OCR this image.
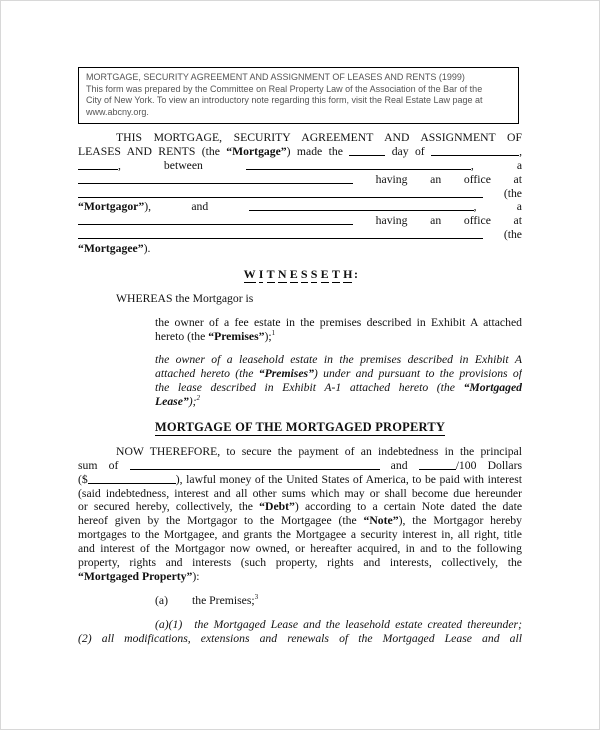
MORTGAGE, SECURITY AGREEMENT AND ASSIGNMENT OF LEASES AND RENTS (1999)
This form was prepared by the Committee on Real Property Law of the Association of the Bar of the
City of New York. To view an introductory note regarding this form, visit the Real Estate Law page at
www.abcny.org.
THIS MORTGAGE, SECURITY AGREEMENT AND ASSIGNMENT OF
LEASES AND RENTS (the “Mortgage”) made the	day of	,
, between	, a
having an office at
(the
“Mortgagor”), and	, a
having an office at
(the
“Mortgagee”).
W I T N E S S E T H :
WHEREAS the Mortgagor is
the owner of a fee estate in the premises described in Exhibit A attached
hereto (the “Premises”);$^1$
the owner of a leasehold estate in the premises described in Exhibit A
attached hereto (the “Premises”) under and pursuant to the provisions of
the lease described in Exhibit A-1 attached hereto (the “Mortgaged
Lease”);$^2$
MORTGAGE OF THE MORTGAGED PROPERTY
NOW THEREFORE, to secure the payment of an indebtedness in the principal
sum of	and	/100 Dollars
($	), lawful money of the United States of America, to be paid with interest
(said indebtedness, interest and all other sums which may or shall become due hereunder
or secured hereby, collectively, the “Debt”) according to a certain Note dated the date
hereof given by the Mortgagor to the Mortgagee (the “Note”), the Mortgagor hereby
mortgages to the Mortgagee, and grants the Mortgagee a security interest in, all right, title
and interest of the Mortgagor now owned, or hereafter acquired, in and to the following
property, rights and interests (such property, rights and interests, collectively, the
“Mortgaged Property”):
(a) the Premises;$^3$
(a)(1) the Mortgaged Lease and the leasehold estate created thereunder;
(2) all modifications, extensions and renewals of the Mortgaged Lease and all
